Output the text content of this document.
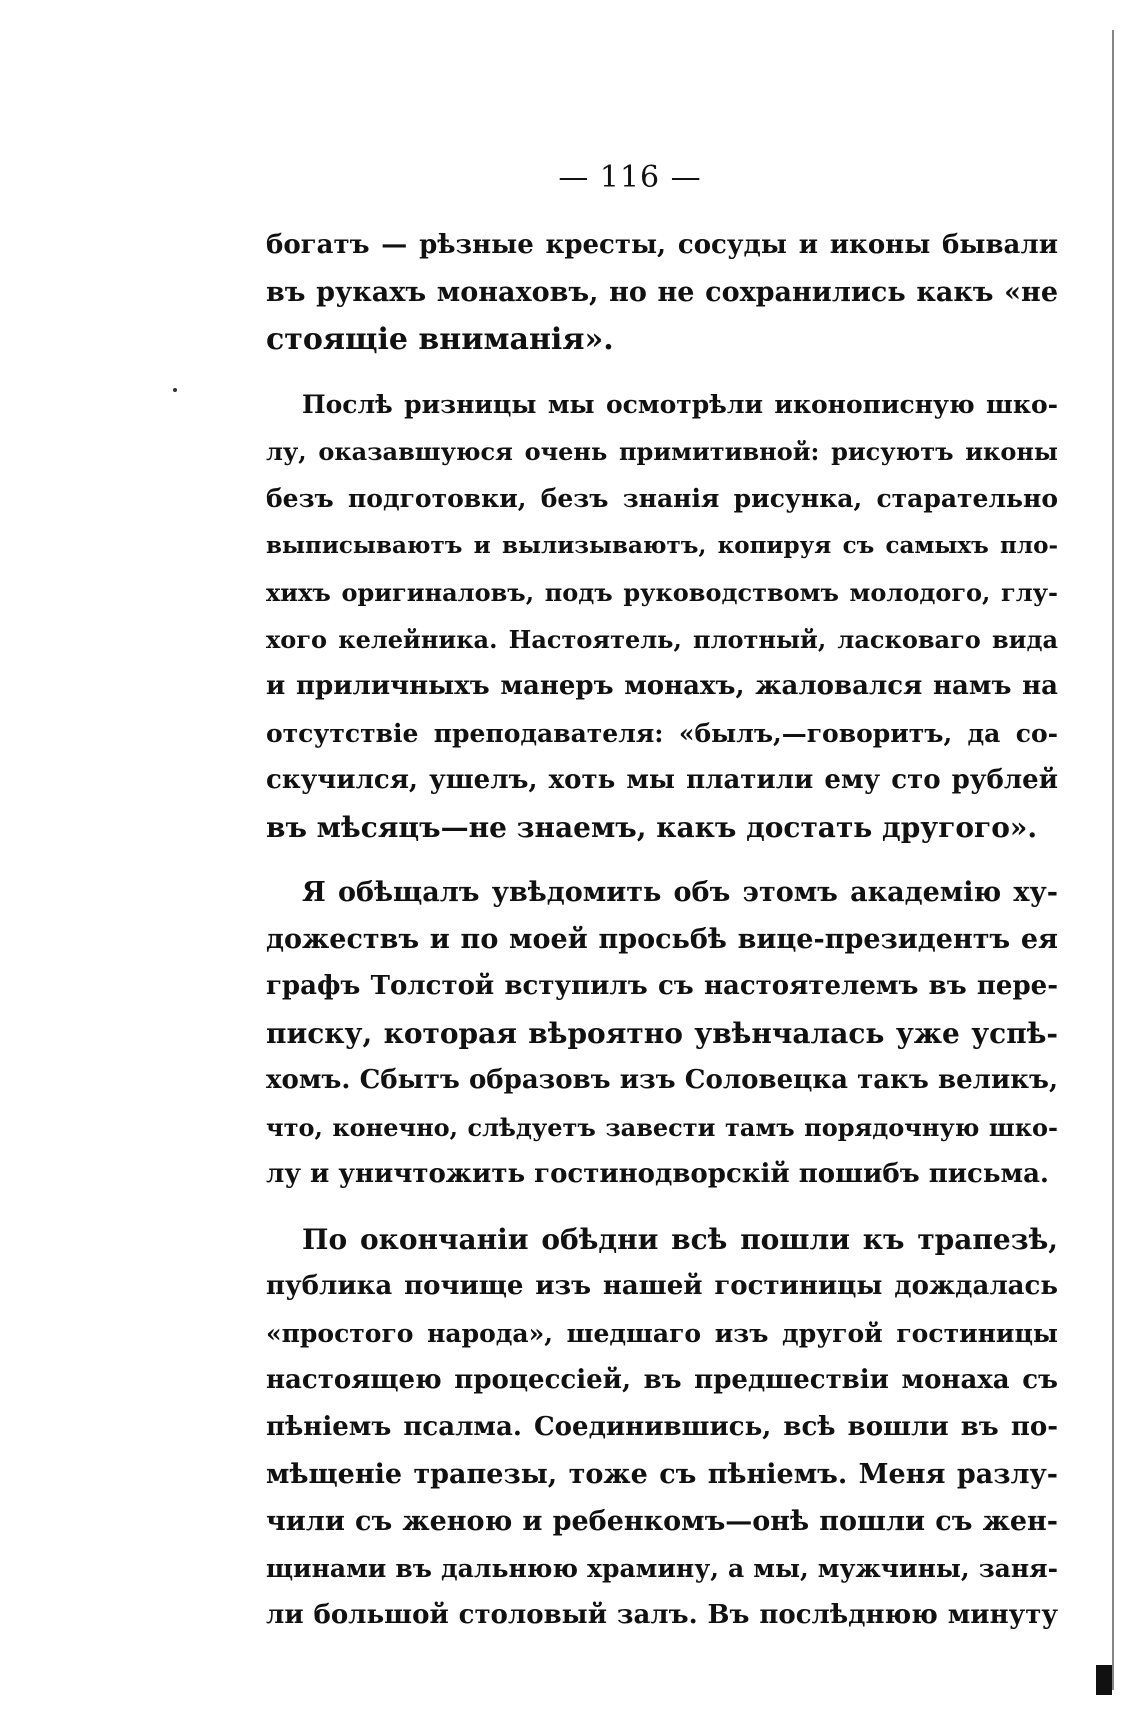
— 116 —
богатъ — рѣзные кресты, сосуды и иконы бывали
въ рукахъ монаховъ, но не сохранились какъ «не
стоящіе вниманія».
Послѣ ризницы мы осмотрѣли иконописную шко-
лу, оказавшуюся очень примитивной: рисуютъ иконы
безъ подготовки, безъ знанія рисунка, старательно
выписываютъ и вылизываютъ, копируя съ самыхъ пло-
хихъ оригиналовъ, подъ руководствомъ молодого, глу-
хого келейника. Настоятель, плотный, ласковаго вида
и приличныхъ манеръ монахъ, жаловался намъ на
отсутствіе преподавателя: «былъ,—говоритъ, да со-
скучился, ушелъ, хоть мы платили ему сто рублей
въ мѣсяцъ—не знаемъ, какъ достать другого».
Я обѣщалъ увѣдомить объ этомъ академію ху-
дожествъ и по моей просьбѣ вице-президентъ ея
графъ Толстой вступилъ съ настоятелемъ въ пере-
писку, которая вѣроятно увѣнчалась уже успѣ-
хомъ. Сбытъ образовъ изъ Соловецка такъ великъ,
что, конечно, слѣдуетъ завести тамъ порядочную шко-
лу и уничтожить гостинодворскій пошибъ письма.
По окончаніи обѣдни всѣ пошли къ трапезѣ,
публика почище изъ нашей гостиницы дождалась
«простого народа», шедшаго изъ другой гостиницы
настоящею процессіей, въ предшествіи монаха съ
пѣніемъ псалма. Соединившись, всѣ вошли въ по-
мѣщеніе трапезы, тоже съ пѣніемъ. Меня разлу-
чили съ женою и ребенкомъ—онѣ пошли съ жен-
щинами въ дальнюю храмину, а мы, мужчины, заня-
ли большой столовый залъ. Въ послѣднюю минуту
